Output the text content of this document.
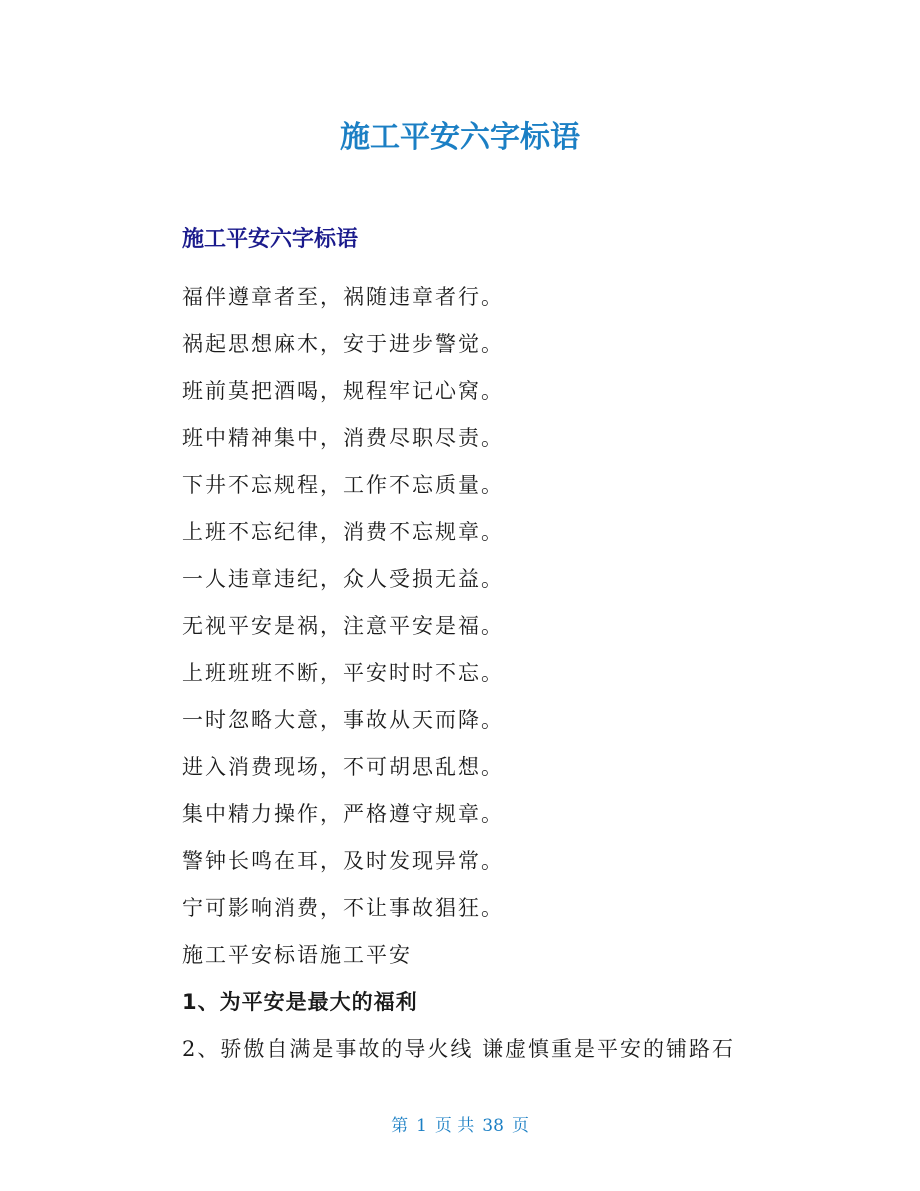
施工平安六字标语
施工平安六字标语
福伴遵章者至，祸随违章者行。
祸起思想麻木，安于进步警觉。
班前莫把酒喝，规程牢记心窝。
班中精神集中，消费尽职尽责。
下井不忘规程，工作不忘质量。
上班不忘纪律，消费不忘规章。
一人违章违纪，众人受损无益。
无视平安是祸，注意平安是福。
上班班班不断，平安时时不忘。
一时忽略大意，事故从天而降。
进入消费现场，不可胡思乱想。
集中精力操作，严格遵守规章。
警钟长鸣在耳，及时发现异常。
宁可影响消费，不让事故猖狂。
施工平安标语施工平安
1、为平安是最大的福利
2、骄傲自满是事故的导火线 谦虚慎重是平安的铺路石
第 1 页 共 38 页
